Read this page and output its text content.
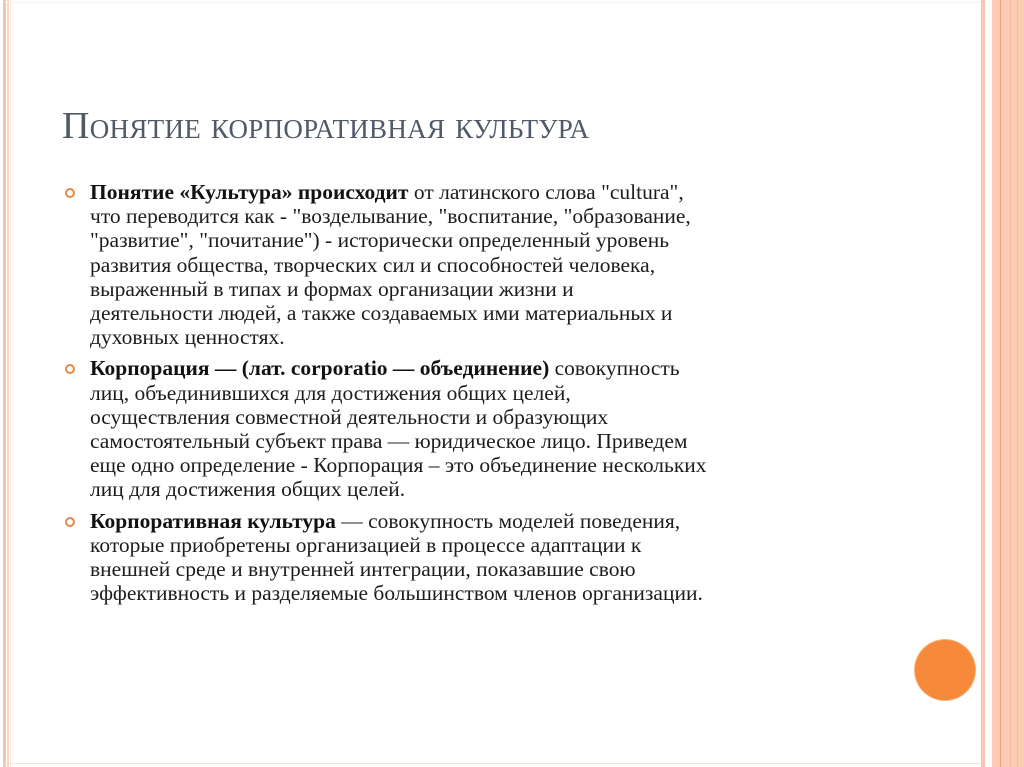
Понятие корпоративная культура
Понятие «Культура» происходит от латинского слова "cultura",
что переводится как - "возделывание, "воспитание, "образование,
"развитие", "почитание") - исторически определенный уровень
развития общества, творческих сил и способностей человека,
выраженный в типах и формах организации жизни и
деятельности людей, а также создаваемых ими материальных и
духовных ценностях.
Корпорация — (лат. corporatio — объединение) совокупность
лиц, объединившихся для достижения общих целей,
осуществления совместной деятельности и образующих
самостоятельный субъект права — юридическое лицо. Приведем
еще одно определение - Корпорация – это объединение нескольких
лиц для достижения общих целей.
Корпоративная культура — совокупность моделей поведения,
которые приобретены организацией в процессе адаптации к
внешней среде и внутренней интеграции, показавшие свою
эффективность и разделяемые большинством членов организации.
